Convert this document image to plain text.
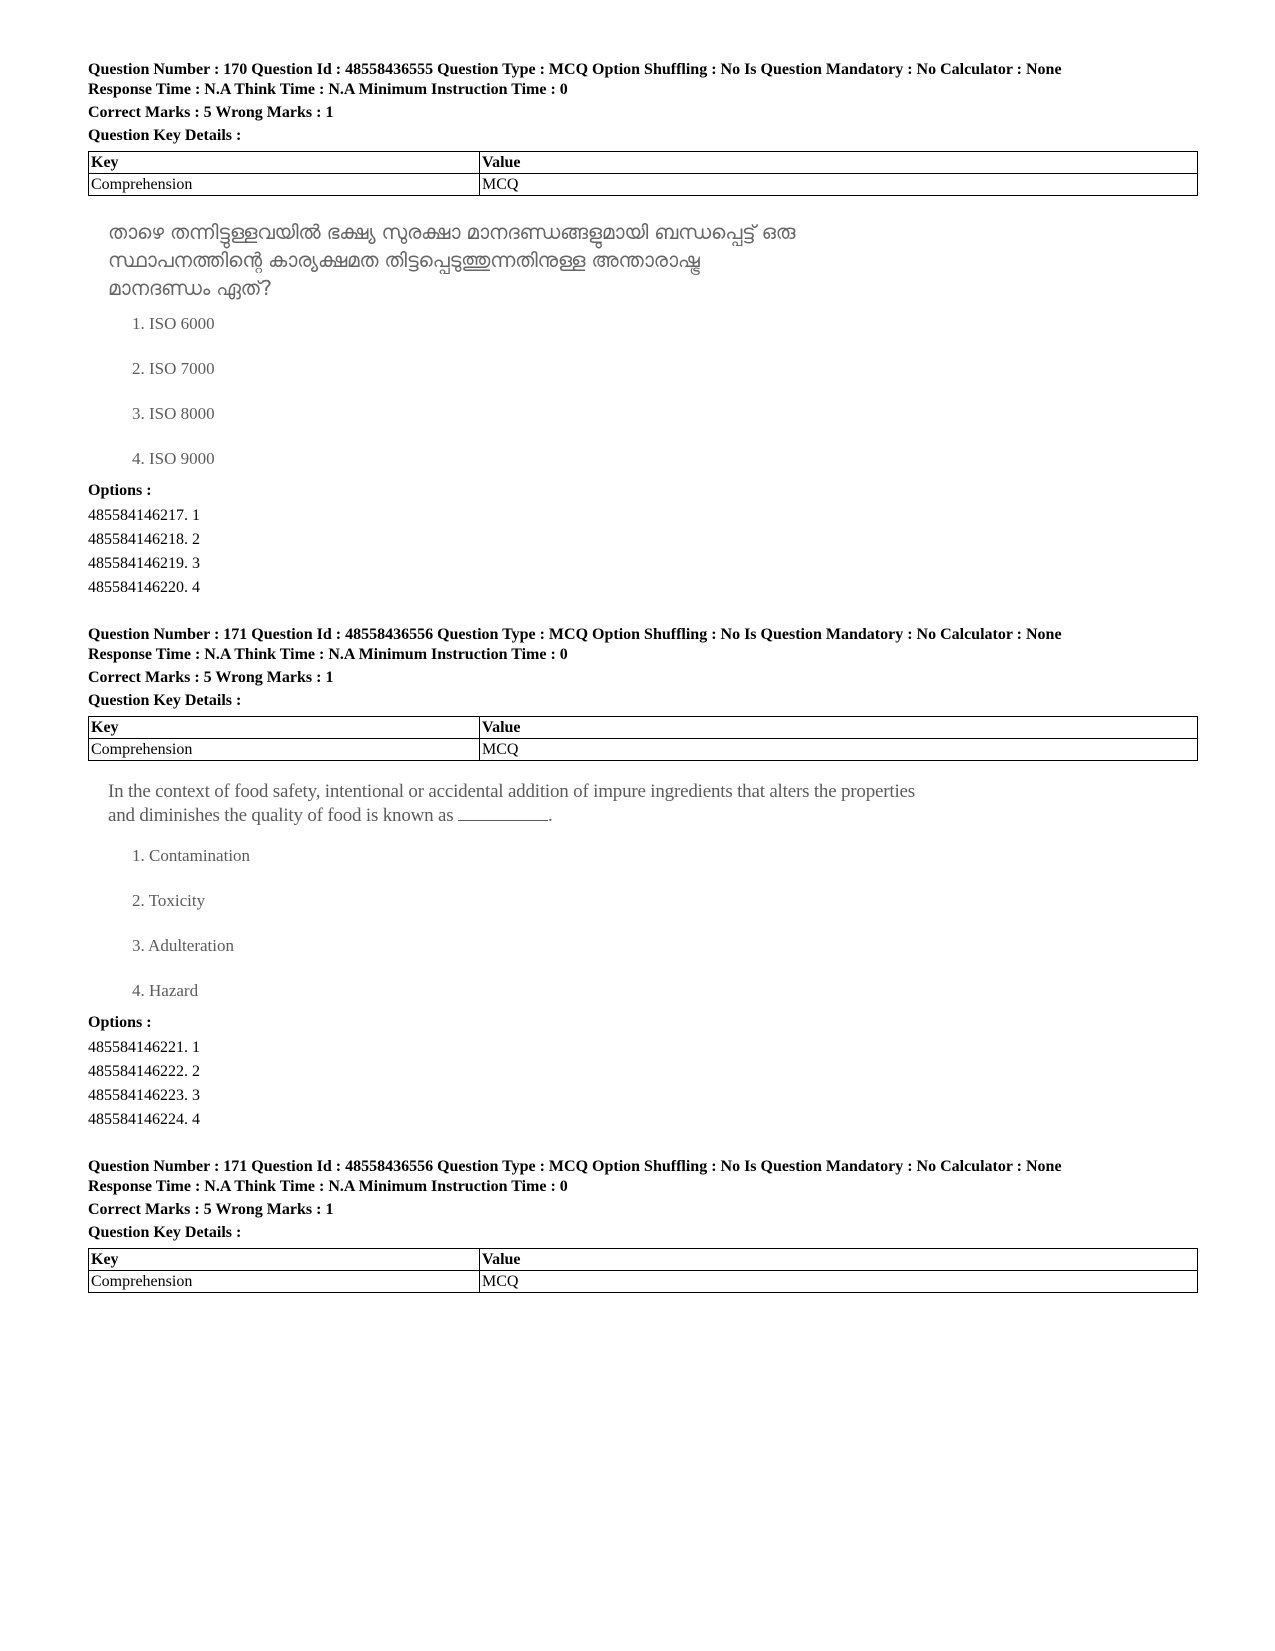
Question Number : 170 Question Id : 48558436555 Question Type : MCQ Option Shuffling : No Is Question Mandatory : No Calculator : None
Response Time : N.A Think Time : N.A Minimum Instruction Time : 0
Correct Marks : 5 Wrong Marks : 1
Question Key Details :
Key	Value
Comprehension	MCQ
താഴെ തന്നിട്ടുള്ളവയിൽ ഭക്ഷ്യ സുരക്ഷാ മാനദണ്ഡങ്ങളുമായി ബന്ധപ്പെട്ട് ഒരു
സ്ഥാപനത്തിന്റെ കാര്യക്ഷമത തിട്ടപ്പെടുത്തുന്നതിനുള്ള അന്താരാഷ്ട്ര
മാനദണ്ഡം ഏത്?
1. ISO 6000
2. ISO 7000
3. ISO 8000
4. ISO 9000
Options :
485584146217. 1
485584146218. 2
485584146219. 3
485584146220. 4
Question Number : 171 Question Id : 48558436556 Question Type : MCQ Option Shuffling : No Is Question Mandatory : No Calculator : None
Response Time : N.A Think Time : N.A Minimum Instruction Time : 0
Correct Marks : 5 Wrong Marks : 1
Question Key Details :
Key	Value
Comprehension	MCQ
In the context of food safety, intentional or accidental addition of impure ingredients that alters the properties
and diminishes the quality of food is known as	.
1. Contamination
2. Toxicity
3. Adulteration
4. Hazard
Options :
485584146221. 1
485584146222. 2
485584146223. 3
485584146224. 4
Question Number : 171 Question Id : 48558436556 Question Type : MCQ Option Shuffling : No Is Question Mandatory : No Calculator : None
Response Time : N.A Think Time : N.A Minimum Instruction Time : 0
Correct Marks : 5 Wrong Marks : 1
Question Key Details :
Key	Value
Comprehension	MCQ
